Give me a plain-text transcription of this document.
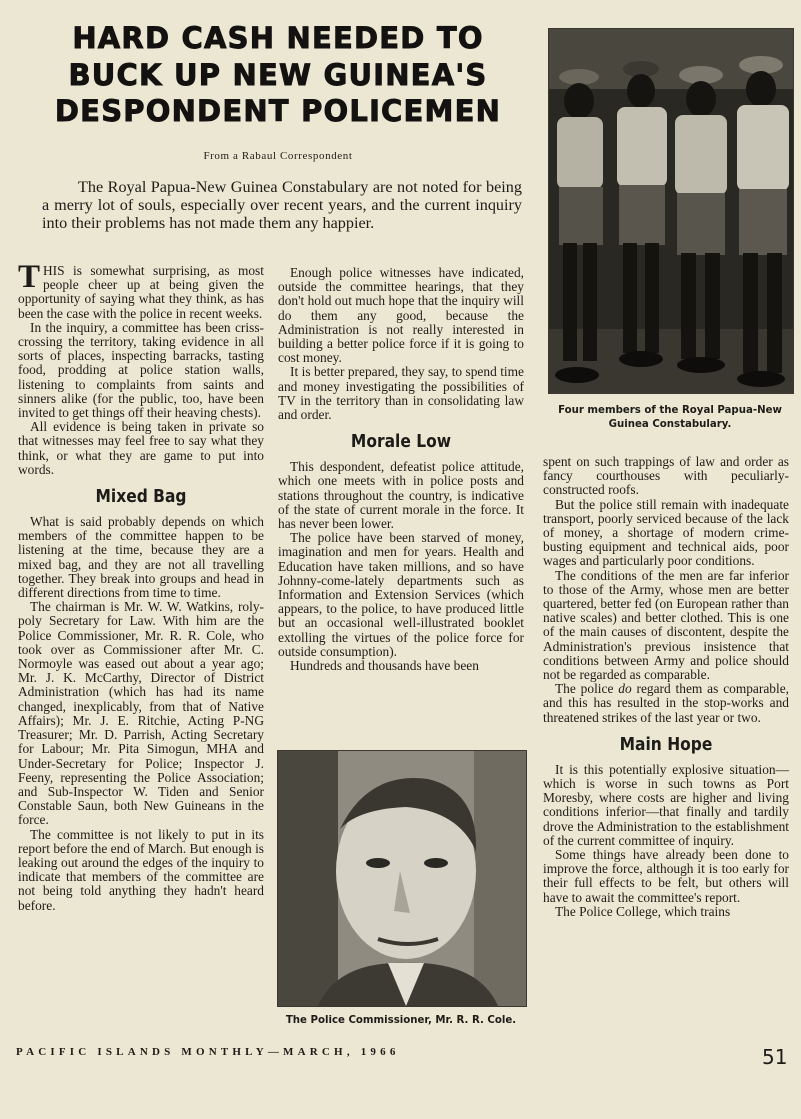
HARD CASH NEEDED TO
BUCK UP NEW GUINEA'S
DESPONDENT POLICEMEN
From a Rabaul Correspondent
The Royal Papua-New Guinea Constabulary are not noted for being a merry lot of souls, especially over recent years, and the current inquiry into their problems has not made them any happier.

THIS is somewhat surprising, as most people cheer up at being given the opportunity of saying what they think, as has been the case with the police in recent weeks.

In the inquiry, a committee has been criss-crossing the territory, taking evidence in all sorts of places, inspecting barracks, tasting food, prodding at police station walls, listening to complaints from saints and sinners alike (for the public, too, have been invited to get things off their heaving chests).

All evidence is being taken in private so that witnesses may feel free to say what they think, or what they are game to put into words.

Mixed Bag

What is said probably depends on which members of the committee happen to be listening at the time, because they are a mixed bag, and they are not all travelling together. They break into groups and head in different directions from time to time.

The chairman is Mr. W. W. Watkins, roly-poly Secretary for Law. With him are the Police Commissioner, Mr. R. R. Cole, who took over as Commissioner after Mr. C. Normoyle was eased out about a year ago; Mr. J. K. McCarthy, Director of District Administration (which has had its name changed, inexplicably, from that of Native Affairs); Mr. J. E. Ritchie, Acting P-NG Treasurer; Mr. D. Parrish, Acting Secretary for Labour; Mr. Pita Simogun, MHA and Under-Secretary for Police; Inspector J. Feeny, representing the Police Association; and Sub-Inspector W. Tiden and Senior Constable Saun, both New Guineans in the force.

The committee is not likely to put in its report before the end of March. But enough is leaking out around the edges of the inquiry to indicate that members of the committee are not being told anything they hadn't heard before.

Enough police witnesses have indicated, outside the committee hearings, that they don't hold out much hope that the inquiry will do them any good, because the Administration is not really interested in building a better police force if it is going to cost money.

It is better prepared, they say, to spend time and money investigating the possibilities of TV in the territory than in consolidating law and order.

Morale Low

This despondent, defeatist police attitude, which one meets with in police posts and stations throughout the country, is indicative of the state of current morale in the force. It has never been lower.

The police have been starved of money, imagination and men for years. Health and Education have taken millions, and so have Johnny-come-lately departments such as Information and Extension Services (which appears, to the police, to have produced little but an occasional well-illustrated booklet extolling the virtues of the police force for outside consumption).

Hundreds and thousands have been

spent on such trappings of law and order as fancy courthouses with peculiarly-constructed roofs.

But the police still remain with inadequate transport, poorly serviced because of the lack of money, a shortage of modern crime-busting equipment and technical aids, poor wages and particularly poor conditions.

The conditions of the men are far inferior to those of the Army, whose men are better quartered, better fed (on European rather than native scales) and better clothed. This is one of the main causes of discontent, despite the Administration's previous insistence that conditions between Army and police should not be regarded as comparable.

The police do regard them as comparable, and this has resulted in the stop-works and threatened strikes of the last year or two.

Main Hope

It is this potentially explosive situation—which is worse in such towns as Port Moresby, where costs are higher and living conditions inferior—that finally and tardily drove the Administration to the establishment of the current committee of inquiry.

Some things have already been done to improve the force, although it is too early for their full effects to be felt, but others will have to await the committee's report.

The Police College, which trains

Four members of the Royal Papua-New Guinea Constabulary.
The Police Commissioner, Mr. R. R. Cole.
PACIFIC ISLANDS MONTHLY—MARCH, 1966	51
